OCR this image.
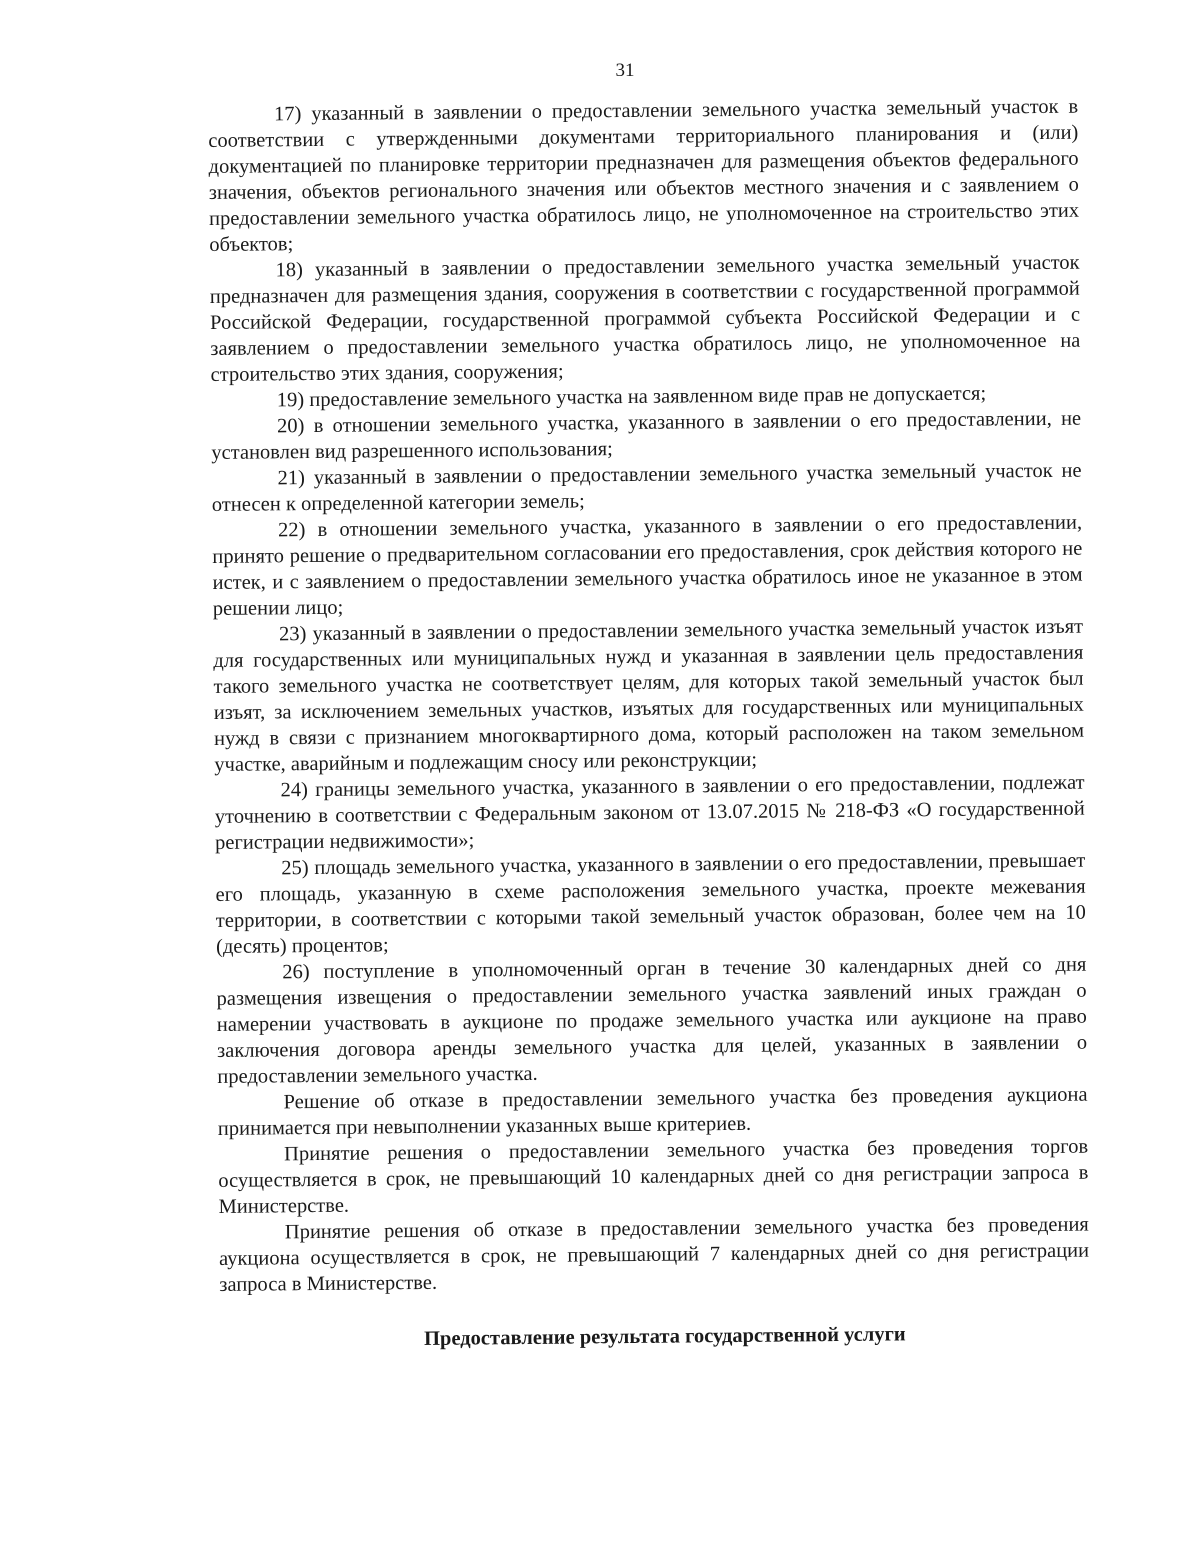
31

17) указанный в заявлении о предоставлении земельного участка земельный участок в соответствии с утвержденными документами территориального планирования и (или) документацией по планировке территории предназначен для размещения объектов федерального значения, объектов регионального значения или объектов местного значения и с заявлением о предоставлении земельного участка обратилось лицо, не уполномоченное на строительство этих объектов;

18) указанный в заявлении о предоставлении земельного участка земельный участок предназначен для размещения здания, сооружения в соответствии с государственной программой Российской Федерации, государственной программой субъекта Российской Федерации и с заявлением о предоставлении земельного участка обратилось лицо, не уполномоченное на строительство этих здания, сооружения;

19) предоставление земельного участка на заявленном виде прав не допускается;

20) в отношении земельного участка, указанного в заявлении о его предоставлении, не установлен вид разрешенного использования;

21) указанный в заявлении о предоставлении земельного участка земельный участок не отнесен к определенной категории земель;

22) в отношении земельного участка, указанного в заявлении о его предоставлении, принято решение о предварительном согласовании его предоставления, срок действия которого не истек, и с заявлением о предоставлении земельного участка обратилось иное не указанное в этом решении лицо;

23) указанный в заявлении о предоставлении земельного участка земельный участок изъят для государственных или муниципальных нужд и указанная в заявлении цель предоставления такого земельного участка не соответствует целям, для которых такой земельный участок был изъят, за исключением земельных участков, изъятых для государственных или муниципальных нужд в связи с признанием многоквартирного дома, который расположен на таком земельном участке, аварийным и подлежащим сносу или реконструкции;

24) границы земельного участка, указанного в заявлении о его предоставлении, подлежат уточнению в соответствии с Федеральным законом от 13.07.2015 № 218-ФЗ «О государственной регистрации недвижимости»;

25) площадь земельного участка, указанного в заявлении о его предоставлении, превышает его площадь, указанную в схеме расположения земельного участка, проекте межевания территории, в соответствии с которыми такой земельный участок образован, более чем на 10 (десять) процентов;

26) поступление в уполномоченный орган в течение 30 календарных дней со дня размещения извещения о предоставлении земельного участка заявлений иных граждан о намерении участвовать в аукционе по продаже земельного участка или аукционе на право заключения договора аренды земельного участка для целей, указанных в заявлении о предоставлении земельного участка.

Решение об отказе в предоставлении земельного участка без проведения аукциона принимается при невыполнении указанных выше критериев.

Принятие решения о предоставлении земельного участка без проведения торгов осуществляется в срок, не превышающий 10 календарных дней со дня регистрации запроса в Министерстве.

Принятие решения об отказе в предоставлении земельного участка без проведения аукциона осуществляется в срок, не превышающий 7 календарных дней со дня регистрации запроса в Министерстве.

Предоставление результата государственной услуги
